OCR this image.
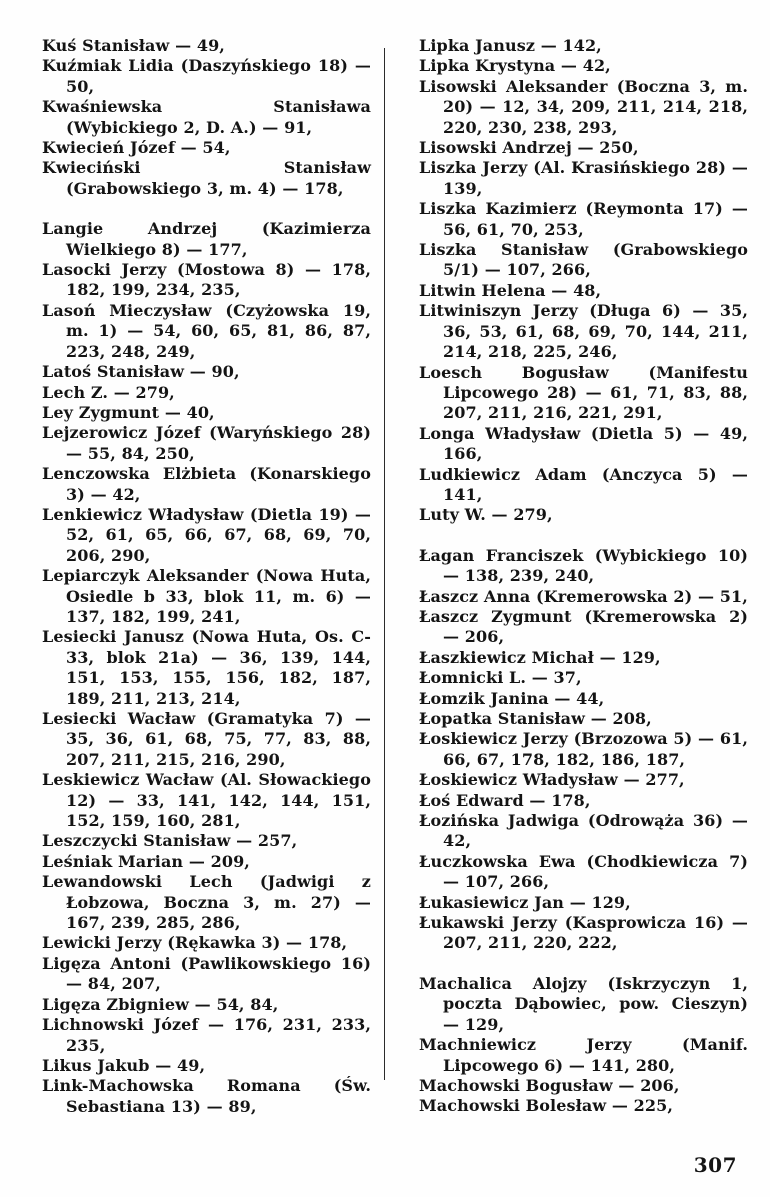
Kuś Stanisław — 49,

Kuźmiak Lidia (Daszyńskiego 18) — 50,

Kwaśniewska Stanisława (Wybickiego 2, D. A.) — 91,

Kwiecień Józef — 54,

Kwieciński Stanisław (Grabowskiego 3, m. 4) — 178,

Langie Andrzej (Kazimierza Wielkiego 8) — 177,

Lasocki Jerzy (Mostowa 8) — 178, 182, 199, 234, 235,

Lasoń Mieczysław (Czyżowska 19, m. 1) — 54, 60, 65, 81, 86, 87, 223, 248, 249,

Latoś Stanisław — 90,

Lech Z. — 279,

Ley Zygmunt — 40,

Lejzerowicz Józef (Waryńskiego 28) — 55, 84, 250,

Lenczowska Elżbieta (Konarskiego 3) — 42,

Lenkiewicz Władysław (Dietla 19) — 52, 61, 65, 66, 67, 68, 69, 70, 206, 290,

Lepiarczyk Aleksander (Nowa Huta, Osiedle b 33, blok 11, m. 6) — 137, 182, 199, 241,

Lesiecki Janusz (Nowa Huta, Os. C-33, blok 21a) — 36, 139, 144, 151, 153, 155, 156, 182, 187, 189, 211, 213, 214,

Lesiecki Wacław (Gramatyka 7) — 35, 36, 61, 68, 75, 77, 83, 88, 207, 211, 215, 216, 290,

Leskiewicz Wacław (Al. Słowackiego 12) — 33, 141, 142, 144, 151, 152, 159, 160, 281,

Leszczycki Stanisław — 257,

Leśniak Marian — 209,

Lewandowski Lech (Jadwigi z Łobzowa, Boczna 3, m. 27) — 167, 239, 285, 286,

Lewicki Jerzy (Rękawka 3) — 178,

Ligęza Antoni (Pawlikowskiego 16) — 84, 207,

Ligęza Zbigniew — 54, 84,

Lichnowski Józef — 176, 231, 233, 235,

Likus Jakub — 49,

Link-Machowska Romana (Św. Sebastiana 13) — 89,

Lipka Janusz — 142,

Lipka Krystyna — 42,

Lisowski Aleksander (Boczna 3, m. 20) — 12, 34, 209, 211, 214, 218, 220, 230, 238, 293,

Lisowski Andrzej — 250,

Liszka Jerzy (Al. Krasińskiego 28) — 139,

Liszka Kazimierz (Reymonta 17) — 56, 61, 70, 253,

Liszka Stanisław (Grabowskiego 5/1) — 107, 266,

Litwin Helena — 48,

Litwiniszyn Jerzy (Długa 6) — 35, 36, 53, 61, 68, 69, 70, 144, 211, 214, 218, 225, 246,

Loesch Bogusław (Manifestu Lipcowego 28) — 61, 71, 83, 88, 207, 211, 216, 221, 291,

Longa Władysław (Dietla 5) — 49, 166,

Ludkiewicz Adam (Anczyca 5) — 141,

Luty W. — 279,

Łagan Franciszek (Wybickiego 10) — 138, 239, 240,

Łaszcz Anna (Kremerowska 2) — 51,

Łaszcz Zygmunt (Kremerowska 2) — 206,

Łaszkiewicz Michał — 129,

Łomnicki L. — 37,

Łomzik Janina — 44,

Łopatka Stanisław — 208,

Łoskiewicz Jerzy (Brzozowa 5) — 61, 66, 67, 178, 182, 186, 187,

Łoskiewicz Władysław — 277,

Łoś Edward — 178,

Łozińska Jadwiga (Odrowąża 36) — 42,

Łuczkowska Ewa (Chodkiewicza 7) — 107, 266,

Łukasiewicz Jan — 129,

Łukawski Jerzy (Kasprowicza 16) — 207, 211, 220, 222,

Machalica Alojzy (Iskrzyczyn 1, poczta Dąbowiec, pow. Cieszyn) — 129,

Machniewicz Jerzy (Manif. Lipcowego 6) — 141, 280,

Machowski Bogusław — 206,

Machowski Bolesław — 225,

307
